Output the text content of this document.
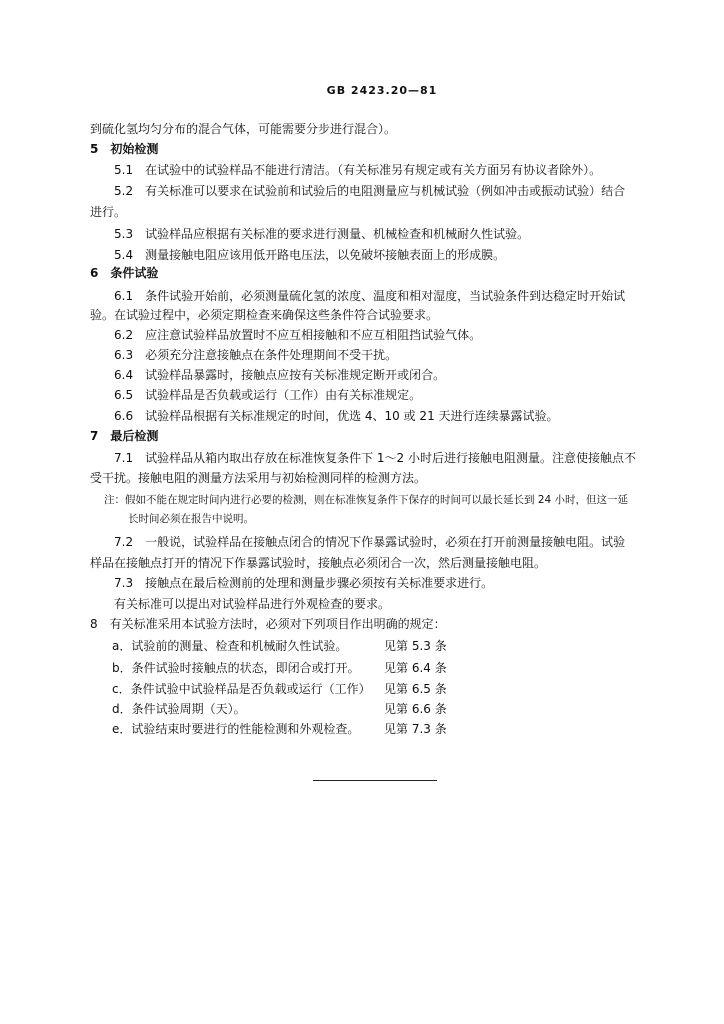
GB 2423.20—81
到硫化氢均匀分布的混合气体，可能需要分步进行混合）。
5　初始检测
5.1　在试验中的试验样品不能进行清洁。（有关标准另有规定或有关方面另有协议者除外）。
5.2　有关标准可以要求在试验前和试验后的电阻测量应与机械试验（例如冲击或振动试验）结合
进行。
5.3　试验样品应根据有关标准的要求进行测量、机械检查和机械耐久性试验。
5.4　测量接触电阻应该用低开路电压法，以免破坏接触表面上的形成膜。
6　条件试验
6.1　条件试验开始前，必须测量硫化氢的浓度、温度和相对湿度，当试验条件到达稳定时开始试
验。在试验过程中，必须定期检查来确保这些条件符合试验要求。
6.2　应注意试验样品放置时不应互相接触和不应互相阻挡试验气体。
6.3　必须充分注意接触点在条件处理期间不受干扰。
6.4　试验样品暴露时，接触点应按有关标准规定断开或闭合。
6.5　试验样品是否负载或运行（工作）由有关标准规定。
6.6　试验样品根据有关标准规定的时间，优选 4、10 或 21 天进行连续暴露试验。
7　最后检测
7.1　试验样品从箱内取出存放在标准恢复条件下 1～2 小时后进行接触电阻测量。注意使接触点不
受干扰。接触电阻的测量方法采用与初始检测同样的检测方法。
注：假如不能在规定时间内进行必要的检测，则在标准恢复条件下保存的时间可以最长延长到 24 小时，但这一延
长时间必须在报告中说明。
7.2　一般说，试验样品在接触点闭合的情况下作暴露试验时，必须在打开前测量接触电阻。试验
样品在接触点打开的情况下作暴露试验时，接触点必须闭合一次，然后测量接触电阻。
7.3　接触点在最后检测前的处理和测量步骤必须按有关标准要求进行。
有关标准可以提出对试验样品进行外观检查的要求。
8　有关标准采用本试验方法时，必须对下列项目作出明确的规定：
a．试验前的测量、检查和机械耐久性试验。	见第 5.3 条
b．条件试验时接触点的状态，即闭合或打开。 见第 6.4 条
c．条件试验中试验样品是否负载或运行（工作） 见第 6.5 条
d．条件试验周期（天）。	见第 6.6 条
e．试验结束时要进行的性能检测和外观检查。 见第 7.3 条
